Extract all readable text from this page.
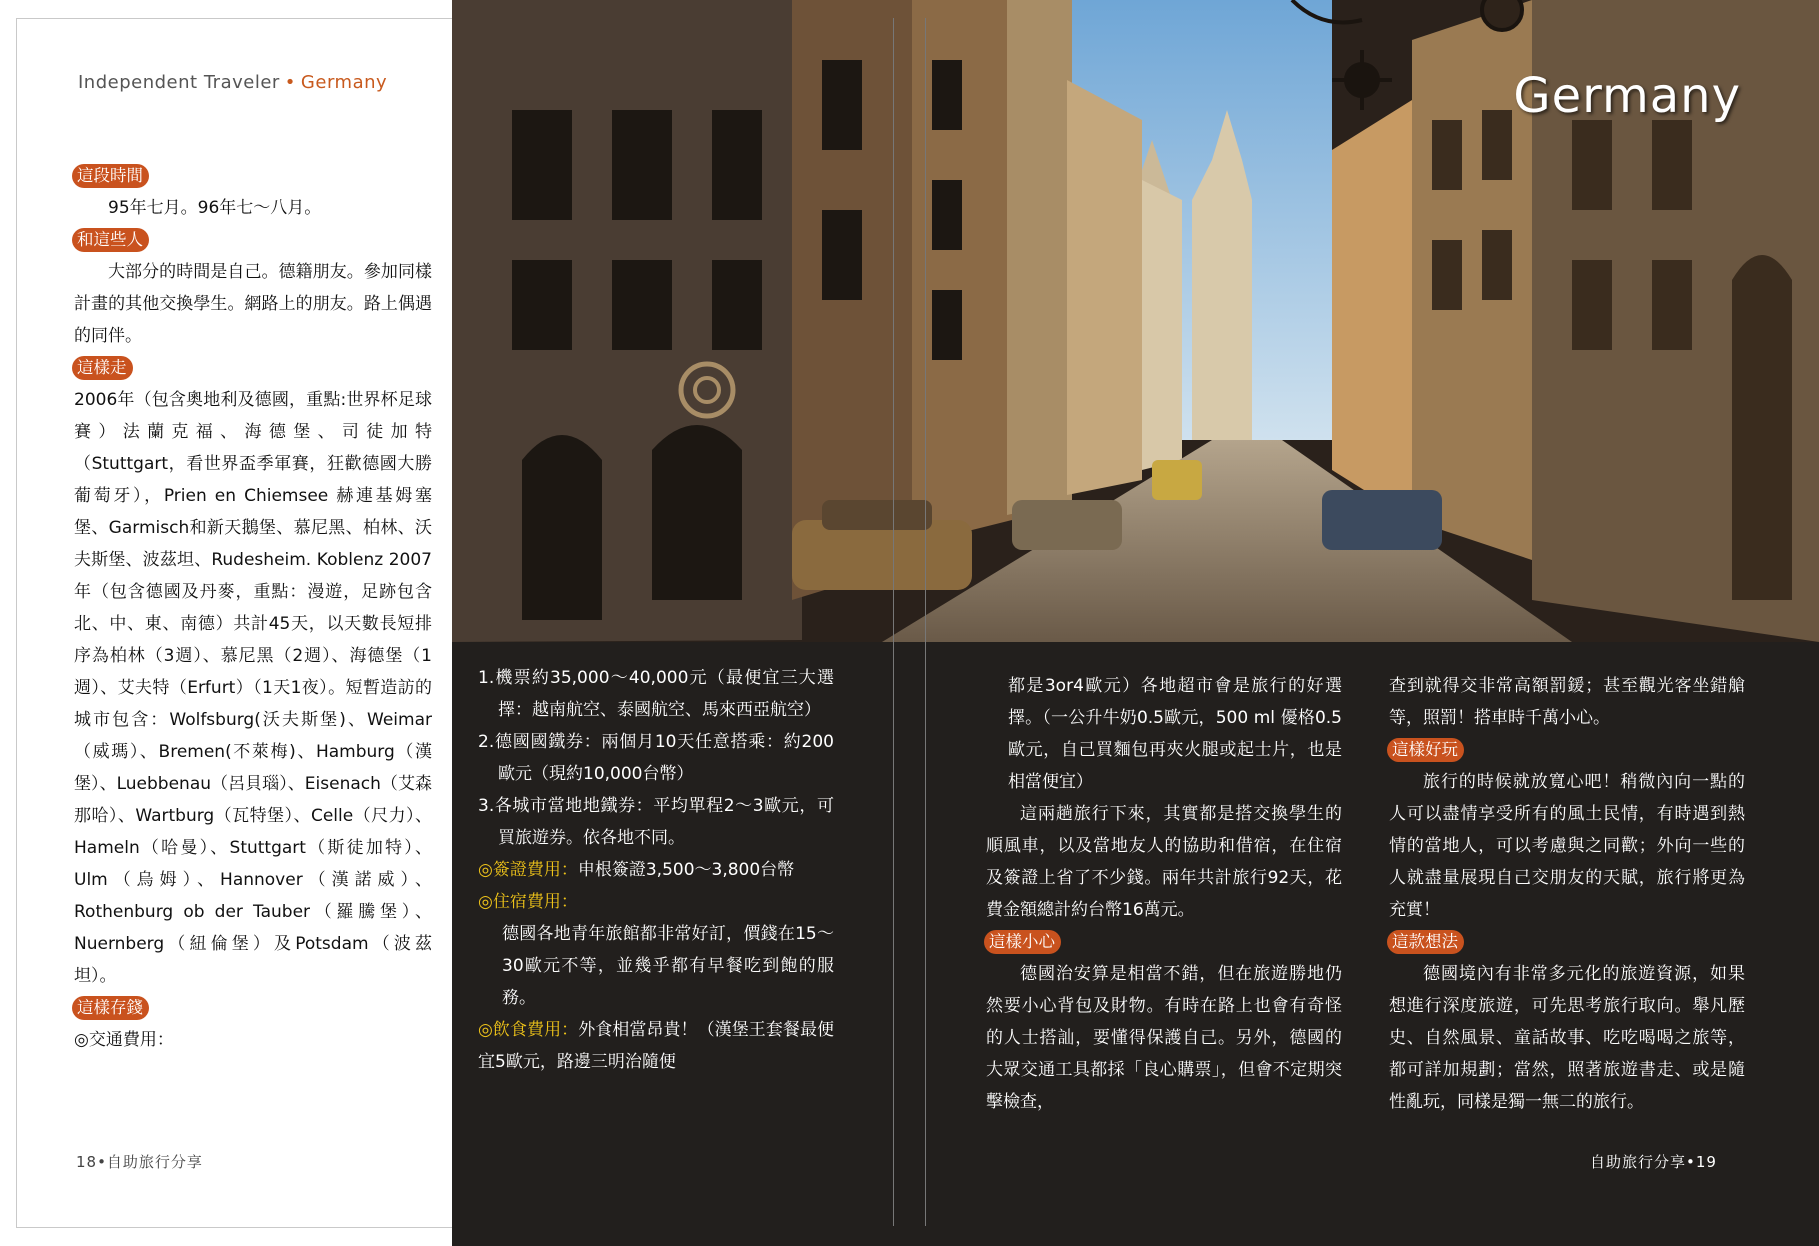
Independent Traveler • Germany
這段時間

95年七月。96年七～八月。

和這些人

大部分的時間是自己。德籍朋友。參加同樣計畫的其他交換學生。網路上的朋友。路上偶遇的同伴。

這樣走

2006年（包含奧地利及德國，重點:世界杯足球賽）法蘭克福、海德堡、司徒加特（Stuttgart，看世界盃季軍賽，狂歡德國大勝葡萄牙），Prien en Chiemsee 赫連基姆塞堡、Garmisch和新天鵝堡、慕尼黑、柏林、沃夫斯堡、波茲坦、Rudesheim. Koblenz 2007年（包含德國及丹麥，重點：漫遊，足跡包含北、中、東、南德）共計45天，以天數長短排序為柏林（3週）、慕尼黑（2週）、海德堡（1週）、艾夫特（Erfurt）（1天1夜）。短暫造訪的城市包含：Wolfsburg(沃夫斯堡)、Weimar（威瑪）、Bremen(不萊梅)、Hamburg（漢堡）、Luebbenau（呂貝瑙）、Eisenach（艾森那哈）、Wartburg（瓦特堡）、Celle（尺力）、Hameln（哈曼）、Stuttgart（斯徒加特）、Ulm（烏姆）、Hannover（漢諾威）、Rothenburg ob der Tauber（羅騰堡）、Nuernberg（紐倫堡）及Potsdam（波茲坦）。

這樣存錢

◎交通費用：

18•自助旅行分享
Germany

1.機票約35,000～40,000元（最便宜三大選擇：越南航空、泰國航空、馬來西亞航空）

2.德國國鐵券：兩個月10天任意搭乘：約200歐元（現約10,000台幣）

3.各城市當地地鐵券：平均單程2～3歐元，可買旅遊券。依各地不同。

◎簽證費用：申根簽證3,500～3,800台幣

◎住宿費用：

德國各地青年旅館都非常好訂，價錢在15～30歐元不等，並幾乎都有早餐吃到飽的服務。

◎飲食費用：外食相當昂貴！（漢堡王套餐最便宜5歐元，路邊三明治隨便

都是3or4歐元）各地超市會是旅行的好選擇。（一公升牛奶0.5歐元，500 ml 優格0.5歐元，自己買麵包再夾火腿或起士片，也是相當便宜）

這兩趟旅行下來，其實都是搭交換學生的順風車，以及當地友人的協助和借宿，在住宿及簽證上省了不少錢。兩年共計旅行92天，花費金額總計約台幣16萬元。

這樣小心

德國治安算是相當不錯，但在旅遊勝地仍然要小心背包及財物。有時在路上也會有奇怪的人士搭訕，要懂得保護自己。另外，德國的大眾交通工具都採「良心購票」，但會不定期突擊檢查，

查到就得交非常高額罰鍰；甚至觀光客坐錯艙等，照罰！搭車時千萬小心。

這樣好玩

旅行的時候就放寬心吧！稍微內向一點的人可以盡情享受所有的風土民情，有時遇到熱情的當地人，可以考慮與之同歡；外向一些的人就盡量展現自己交朋友的天賦，旅行將更為充實！

這款想法

德國境內有非常多元化的旅遊資源，如果想進行深度旅遊，可先思考旅行取向。舉凡歷史、自然風景、童話故事、吃吃喝喝之旅等，都可詳加規劃；當然，照著旅遊書走、或是隨性亂玩，同樣是獨一無二的旅行。

自助旅行分享•19
